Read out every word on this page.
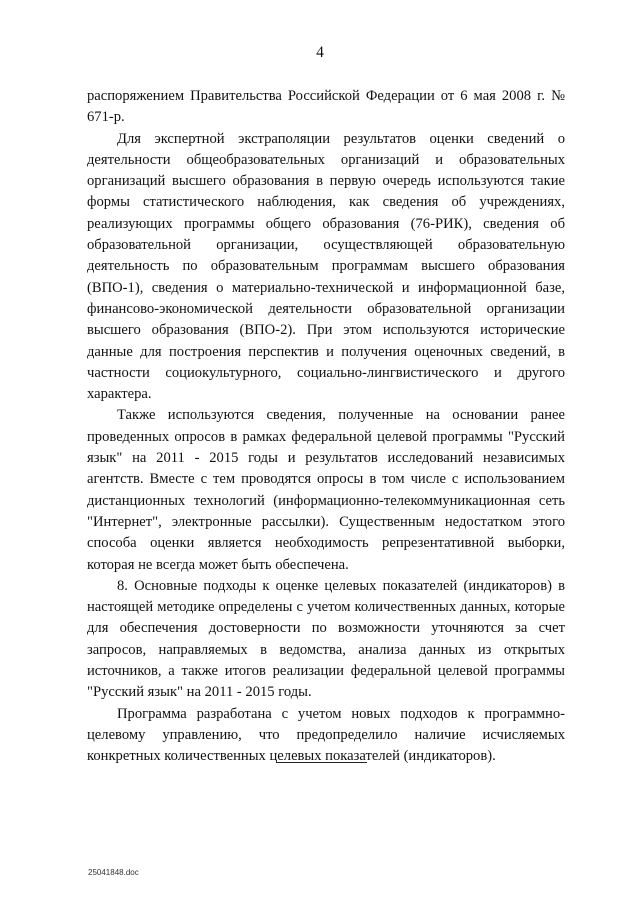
4

распоряжением Правительства Российской Федерации от 6 мая 2008 г. № 671-р.

Для экспертной экстраполяции результатов оценки сведений о деятельности общеобразовательных организаций и образовательных организаций высшего образования в первую очередь используются такие формы статистического наблюдения, как сведения об учреждениях, реализующих программы общего образования (76-РИК), сведения об образовательной организации, осуществляющей образовательную деятельность по образовательным программам высшего образования (ВПО-1), сведения о материально-технической и информационной базе, финансово-экономической деятельности образовательной организации высшего образования (ВПО-2). При этом используются исторические данные для построения перспектив и получения оценочных сведений, в частности социокультурного, социально-лингвистического и другого характера.

Также используются сведения, полученные на основании ранее проведенных опросов в рамках федеральной целевой программы "Русский язык" на 2011 - 2015 годы и результатов исследований независимых агентств. Вместе с тем проводятся опросы в том числе с использованием дистанционных технологий (информационно-телекоммуникационная сеть "Интернет", электронные рассылки). Существенным недостатком этого способа оценки является необходимость репрезентативной выборки, которая не всегда может быть обеспечена.

8. Основные подходы к оценке целевых показателей (индикаторов) в настоящей методике определены с учетом количественных данных, которые для обеспечения достоверности по возможности уточняются за счет запросов, направляемых в ведомства, анализа данных из открытых источников, а также итогов реализации федеральной целевой программы "Русский язык" на 2011 - 2015 годы.

Программа разработана с учетом новых подходов к программно-целевому управлению, что предопределило наличие исчисляемых конкретных количественных целевых показателей (индикаторов).

25041848.doc
